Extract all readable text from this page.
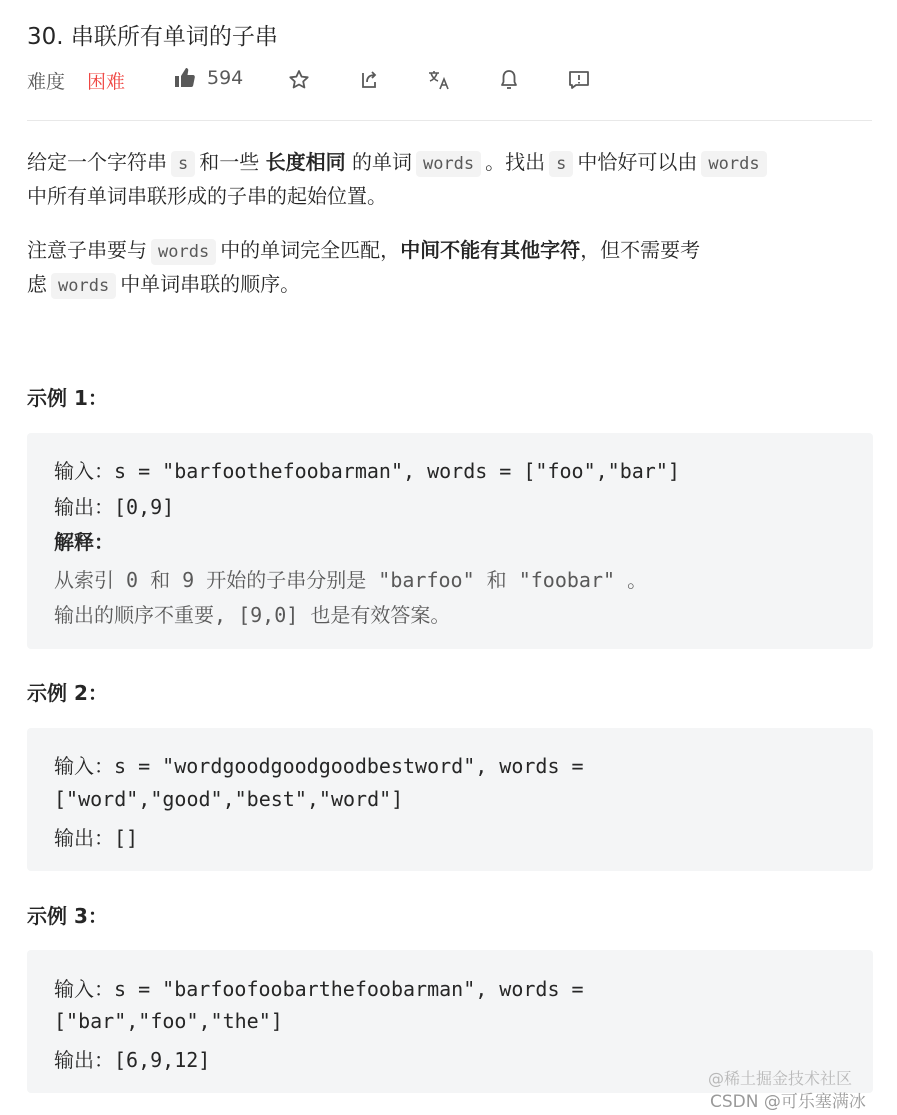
30. 串联所有单词的子串
难度 困难	594
给定一个字符串 s 和一些 长度相同 的单词 words 。找出 s 中恰好可以由 words
中所有单词串联形成的子串的起始位置。
注意子串要与 words 中的单词完全匹配，中间不能有其他字符，但不需要考
虑 words 中单词串联的顺序。
示例 1：
输入：s = "barfoothefoobarman", words = ["foo","bar"]
输出：[0,9]
解释：
从索引 0 和 9 开始的子串分别是 "barfoo" 和 "foobar" 。
输出的顺序不重要, [9,0] 也是有效答案。
示例 2：
输入：s = "wordgoodgoodgoodbestword", words =
["word","good","best","word"]
输出：[]
示例 3：
输入：s = "barfoofoobarthefoobarman", words =
["bar","foo","the"]
输出：[6,9,12]
@稀土掘金技术社区
CSDN @可乐塞满冰
